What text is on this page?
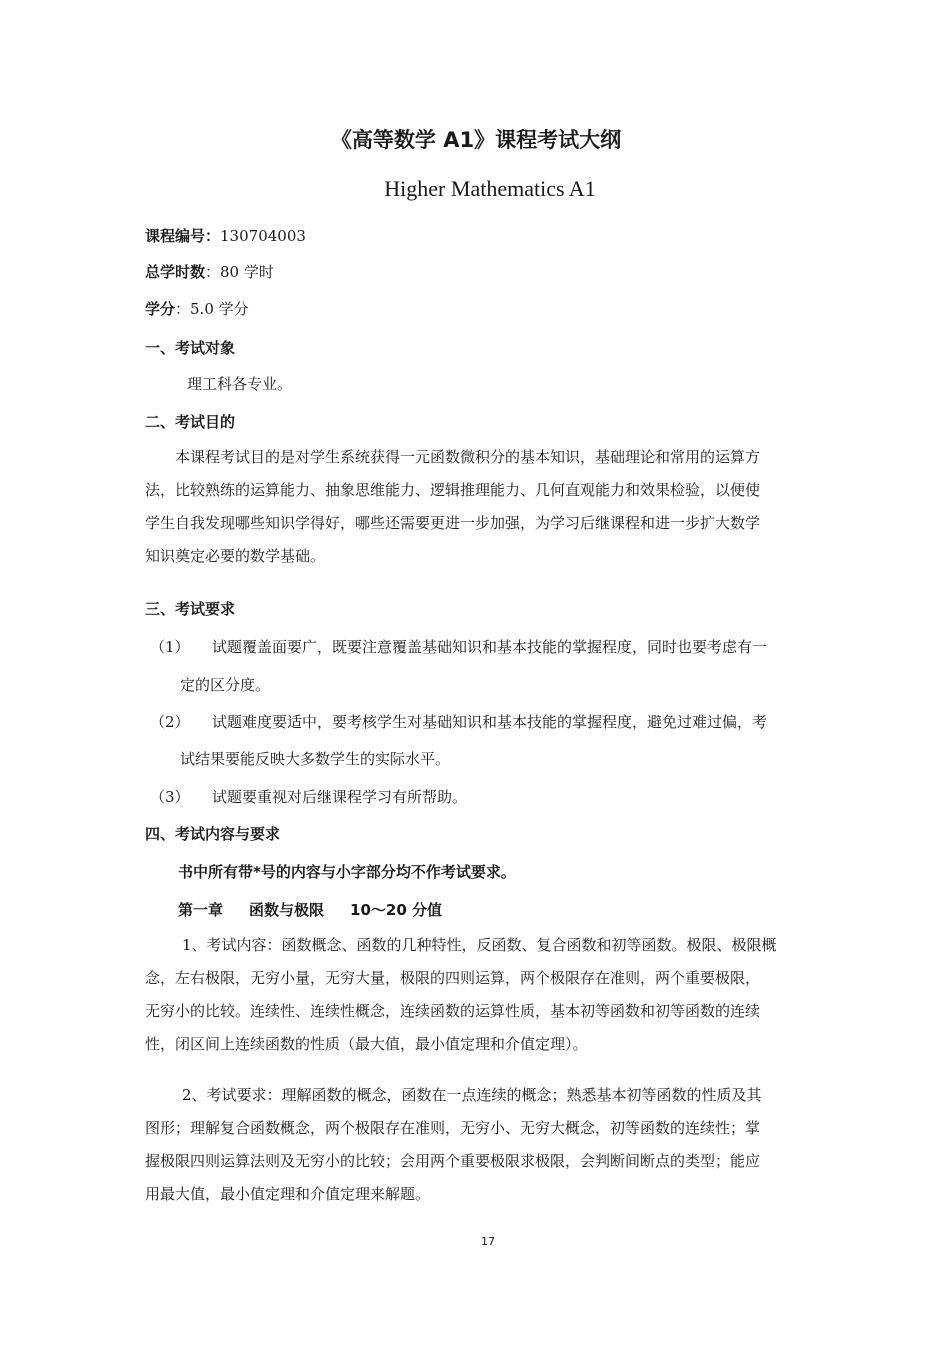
《高等数学 A1》课程考试大纲
Higher Mathematics A1
课程编号：130704003
总学时数：80 学时
学分：5.0 学分
一、考试对象
理工科各专业。
二、考试目的
本课程考试目的是对学生系统获得一元函数微积分的基本知识，基础理论和常用的运算方
法，比较熟练的运算能力、抽象思维能力、逻辑推理能力、几何直观能力和效果检验，以便使
学生自我发现哪些知识学得好，哪些还需要更进一步加强，为学习后继课程和进一步扩大数学
知识奠定必要的数学基础。
三、考试要求
（1） 试题覆盖面要广，既要注意覆盖基础知识和基本技能的掌握程度，同时也要考虑有一
定的区分度。
（2） 试题难度要适中，要考核学生对基础知识和基本技能的掌握程度，避免过难过偏，考
试结果要能反映大多数学生的实际水平。
（3） 试题要重视对后继课程学习有所帮助。
四、考试内容与要求
书中所有带*号的内容与小字部分均不作考试要求。
第一章 函数与极限 10～20 分值
1、考试内容：函数概念、函数的几种特性，反函数、复合函数和初等函数。极限、极限概
念，左右极限，无穷小量，无穷大量，极限的四则运算，两个极限存在准则，两个重要极限，
无穷小的比较。连续性、连续性概念，连续函数的运算性质，基本初等函数和初等函数的连续
性，闭区间上连续函数的性质（最大值，最小值定理和介值定理）。
2、考试要求：理解函数的概念，函数在一点连续的概念；熟悉基本初等函数的性质及其
图形；理解复合函数概念，两个极限存在准则，无穷小、无穷大概念，初等函数的连续性；掌
握极限四则运算法则及无穷小的比较；会用两个重要极限求极限，会判断间断点的类型；能应
用最大值，最小值定理和介值定理来解题。
17
